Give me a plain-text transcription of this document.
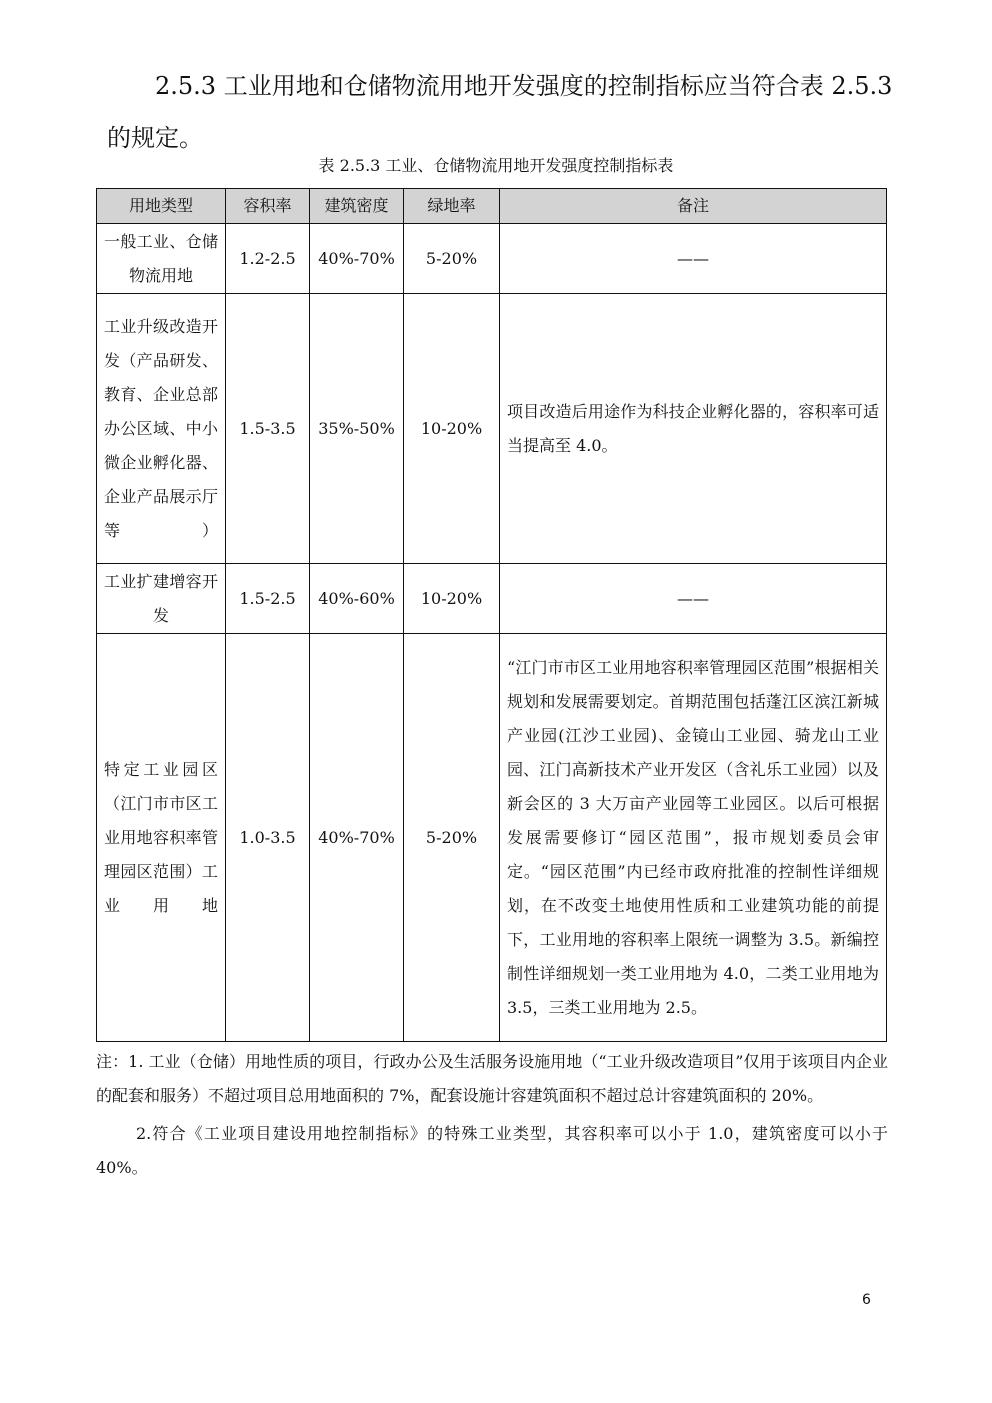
2.5.3 工业用地和仓储物流用地开发强度的控制指标应当符合表 2.5.3 的规定。

表 2.5.3 工业、仓储物流用地开发强度控制指标表

用地类型	容积率	建筑密度	绿地率	备注
一般工业、仓储物流用地	1.2-2.5	40%-70%	5-20%	——
工业升级改造开发（产品研发、教育、企业总部办公区域、中小微企业孵化器、企业产品展示厅等）	1.5-3.5	35%-50%	10-20%	项目改造后用途作为科技企业孵化器的，容积率可适当提高至 4.0。
工业扩建增容开发	1.5-2.5	40%-60%	10-20%	——
特定工业园区（江门市市区工业用地容积率管理园区范围）工业用地	1.0-3.5	40%-70%	5-20%	“江门市市区工业用地容积率管理园区范围”根据相关规划和发展需要划定。首期范围包括蓬江区滨江新城产业园(江沙工业园)、金镜山工业园、骑龙山工业园、江门高新技术产业开发区（含礼乐工业园）以及新会区的 3 大万亩产业园等工业园区。以后可根据发展需要修订“园区范围”，报市规划委员会审定。“园区范围”内已经市政府批准的控制性详细规划，在不改变土地使用性质和工业建筑功能的前提下，工业用地的容积率上限统一调整为 3.5。新编控制性详细规划一类工业用地为 4.0，二类工业用地为 3.5，三类工业用地为 2.5。

注：1. 工业（仓储）用地性质的项目，行政办公及生活服务设施用地（“工业升级改造项目”仅用于该项目内企业的配套和服务）不超过项目总用地面积的 7%，配套设施计容建筑面积不超过总计容建筑面积的 20%。

2.符合《工业项目建设用地控制指标》的特殊工业类型，其容积率可以小于 1.0，建筑密度可以小于 40%。

6
